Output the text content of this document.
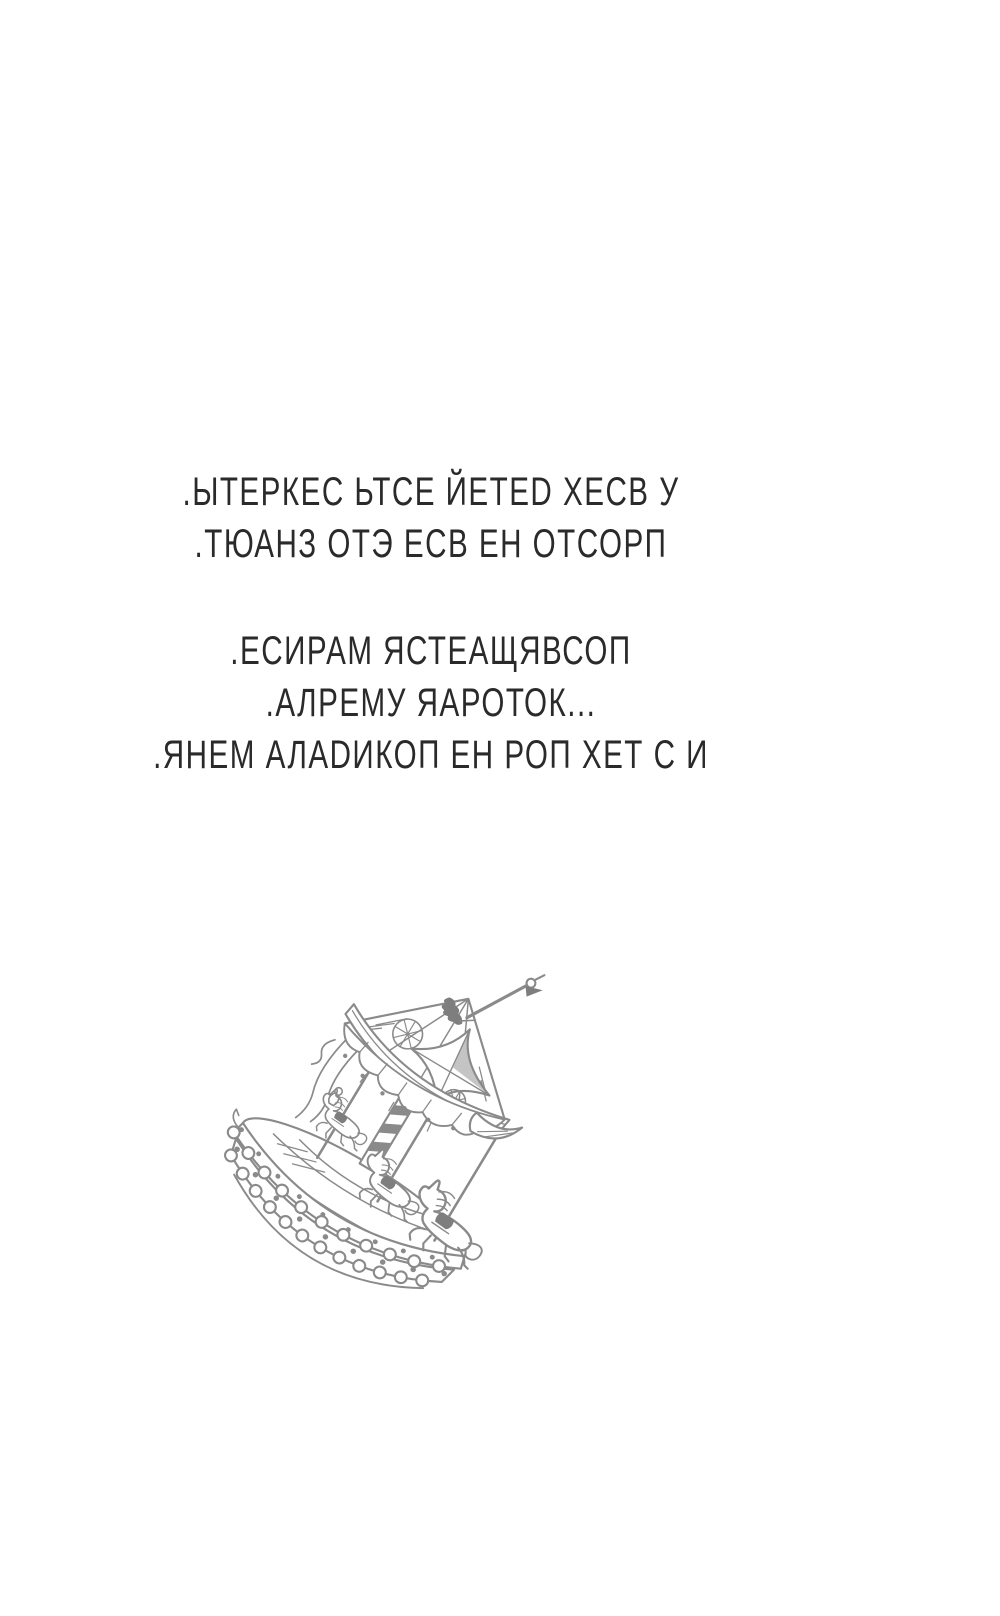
.ЫТЕРКЕС ЬТСЕ ЙЕТЕD ХЕСВ У
.ТЮАНЗ ОТЭ ЕСВ ЕН ОТСОРП
.ЕСИРАМ ЯСТЕАЩЯВСОП
.АЛРЕМУ ЯАРОТОК...
.ЯНЕМ АЛАDИКОП ЕН РОП ХЕТ С И
